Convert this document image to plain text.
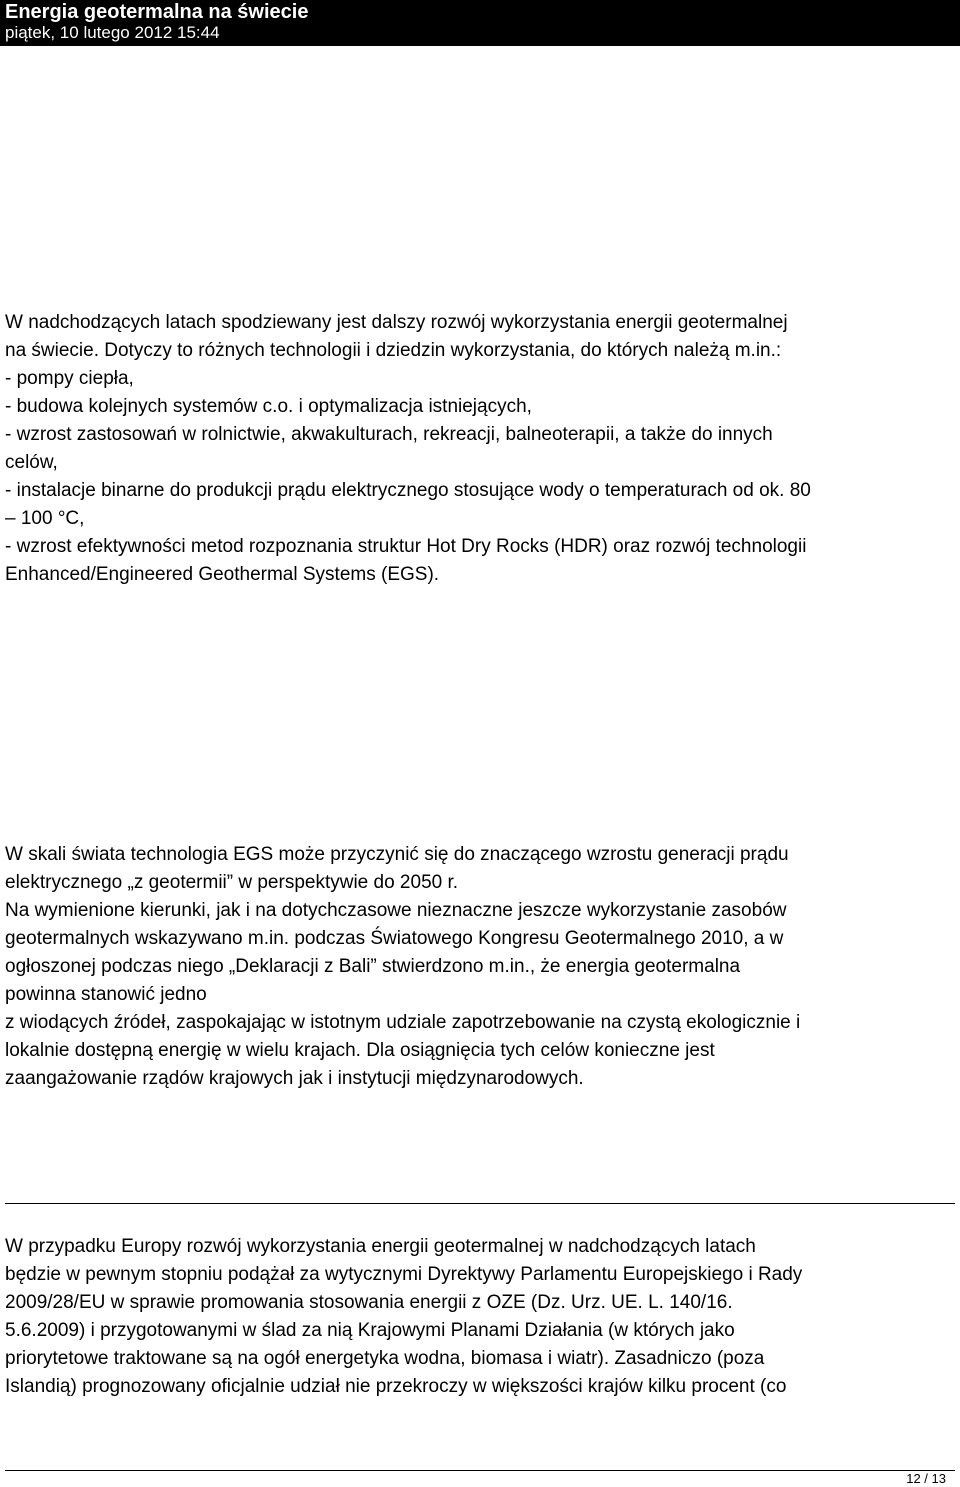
Energia geotermalna na świecie
piątek, 10 lutego 2012 15:44
W nadchodzących latach spodziewany jest dalszy rozwój wykorzystania energii geotermalnej
na świecie. Dotyczy to różnych technologii i dziedzin wykorzystania, do których należą m.in.:
- pompy ciepła,
- budowa kolejnych systemów c.o. i optymalizacja istniejących,
- wzrost zastosowań w rolnictwie, akwakulturach, rekreacji, balneoterapii, a także do innych
celów,
- instalacje binarne do produkcji prądu elektrycznego stosujące wody o temperaturach od ok. 80
– 100 °C,
- wzrost efektywności metod rozpoznania struktur Hot Dry Rocks (HDR) oraz rozwój technologii
Enhanced/Engineered Geothermal Systems (EGS).
W skali świata technologia EGS może przyczynić się do znaczącego wzrostu generacji prądu
elektrycznego „z geotermii” w perspektywie do 2050 r.
Na wymienione kierunki, jak i na dotychczasowe nieznaczne jeszcze wykorzystanie zasobów
geotermalnych wskazywano m.in. podczas Światowego Kongresu Geotermalnego 2010, a w
ogłoszonej podczas niego „Deklaracji z Bali” stwierdzono m.in., że energia geotermalna
powinna stanowić jedno
z wiodących źródeł, zaspokajając w istotnym udziale zapotrzebowanie na czystą ekologicznie i
lokalnie dostępną energię w wielu krajach. Dla osiągnięcia tych celów konieczne jest
zaangażowanie rządów krajowych jak i instytucji międzynarodowych.
W przypadku Europy rozwój wykorzystania energii geotermalnej w nadchodzących latach
będzie w pewnym stopniu podążał za wytycznymi Dyrektywy Parlamentu Europejskiego i Rady
2009/28/EU w sprawie promowania stosowania energii z OZE (Dz. Urz. UE. L. 140/16.
5.6.2009) i przygotowanymi w ślad za nią Krajowymi Planami Działania (w których jako
priorytetowe traktowane są na ogół energetyka wodna, biomasa i wiatr). Zasadniczo (poza
Islandią) prognozowany oficjalnie udział nie przekroczy w większości krajów kilku procent (co
12 / 13
